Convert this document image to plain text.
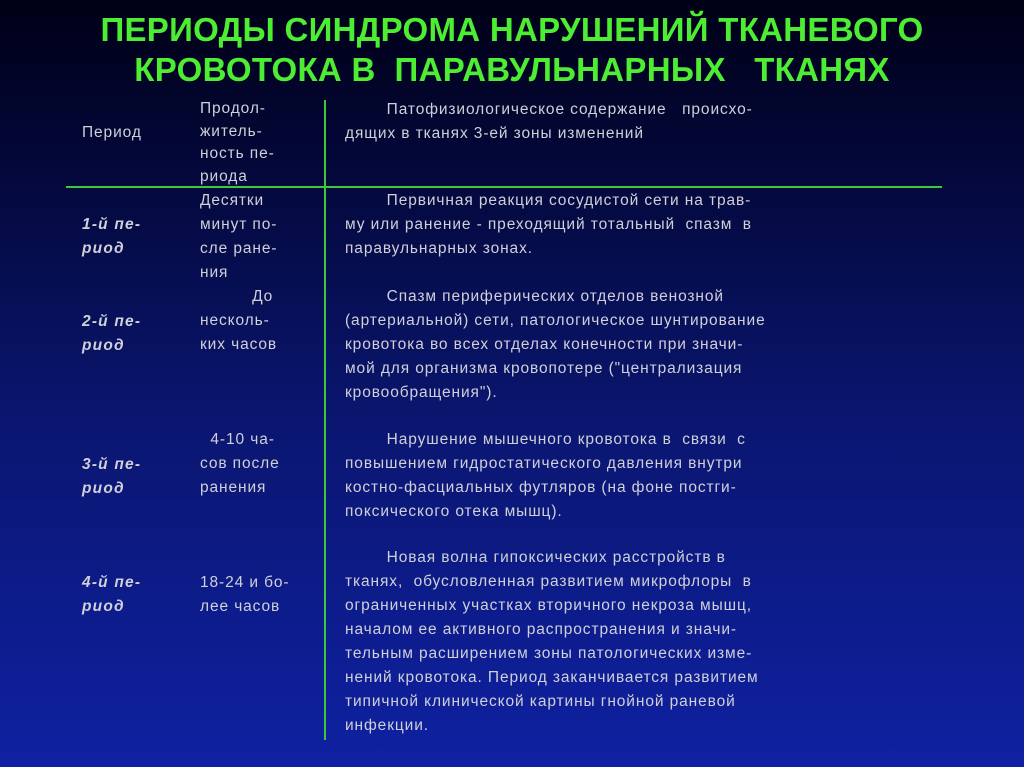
ПЕРИОДЫ СИНДРОМА НАРУШЕНИЙ ТКАНЕВОГО
КРОВОТОКА В  ПАРАВУЛЬНАРНЫХ   ТКАНЯХ
Период
Продол-
житель-
ность пе-
риода
Патофизиологическое содержание   происхо-
дящих в тканях 3-ей зоны изменений
1-й пе-
риод
Десятки
минут по-
сле ране-
ния
Первичная реакция сосудистой сети на трав-
му или ранение - преходящий тотальный  спазм  в
паравульнарных зонах.
2-й пе-
риод
До
несколь-
ких часов
Спазм периферических отделов венозной
(артериальной) сети, патологическое шунтирование
кровотока во всех отделах конечности при значи-
мой для организма кровопотере ("централизация
кровообращения").
3-й пе-
риод
4-10 ча-
сов после
ранения
Нарушение мышечного кровотока в  связи  с
повышением гидростатического давления внутри
костно-фасциальных футляров (на фоне постги-
поксического отека мышц).
4-й пе-
риод
18-24 и бо-
лее часов
Новая волна гипоксических расстройств в
тканях,  обусловленная развитием микрофлоры  в
ограниченных участках вторичного некроза мышц,
началом ее активного распространения и значи-
тельным расширением зоны патологических изме-
нений кровотока. Период заканчивается развитием
типичной клинической картины гнойной раневой
инфекции.
